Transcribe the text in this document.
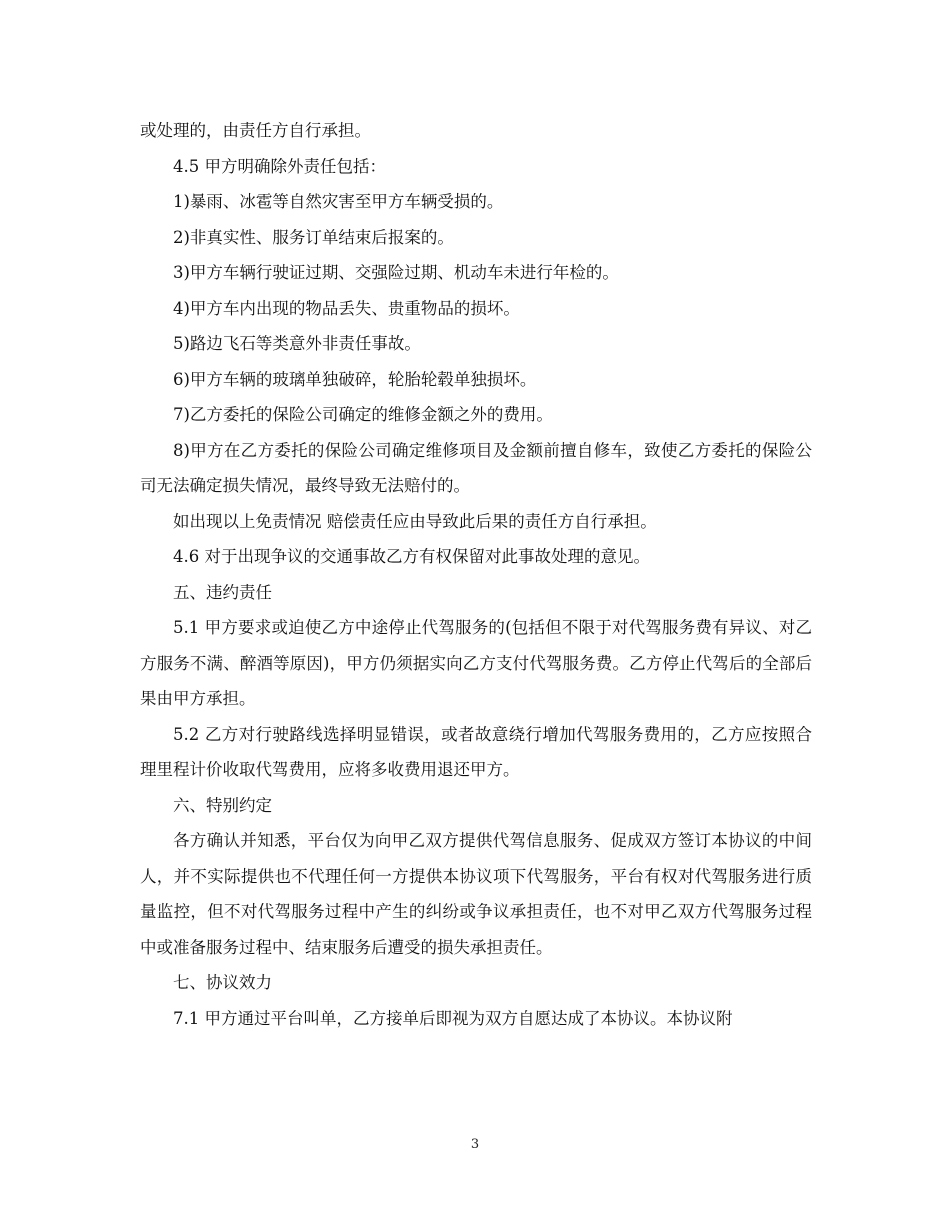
或处理的，由责任方自行承担。

4.5 甲方明确除外责任包括：

1)暴雨、冰雹等自然灾害至甲方车辆受损的。

2)非真实性、服务订单结束后报案的。

3)甲方车辆行驶证过期、交强险过期、机动车未进行年检的。

4)甲方车内出现的物品丢失、贵重物品的损坏。

5)路边飞石等类意外非责任事故。

6)甲方车辆的玻璃单独破碎，轮胎轮毂单独损坏。

7)乙方委托的保险公司确定的维修金额之外的费用。

8)甲方在乙方委托的保险公司确定维修项目及金额前擅自修车，致使乙方委托的保险公司无法确定损失情况，最终导致无法赔付的。

如出现以上免责情况 赔偿责任应由导致此后果的责任方自行承担。

4.6 对于出现争议的交通事故乙方有权保留对此事故处理的意见。

五、违约责任

5.1 甲方要求或迫使乙方中途停止代驾服务的(包括但不限于对代驾服务费有异议、对乙方服务不满、醉酒等原因)，甲方仍须据实向乙方支付代驾服务费。乙方停止代驾后的全部后果由甲方承担。

5.2 乙方对行驶路线选择明显错误，或者故意绕行增加代驾服务费用的，乙方应按照合理里程计价收取代驾费用，应将多收费用退还甲方。

六、特别约定

各方确认并知悉，平台仅为向甲乙双方提供代驾信息服务、促成双方签订本协议的中间人，并不实际提供也不代理任何一方提供本协议项下代驾服务，平台有权对代驾服务进行质量监控，但不对代驾服务过程中产生的纠纷或争议承担责任，也不对甲乙双方代驾服务过程中或准备服务过程中、结束服务后遭受的损失承担责任。

七、协议效力

7.1 甲方通过平台叫单，乙方接单后即视为双方自愿达成了本协议。本协议附

3
